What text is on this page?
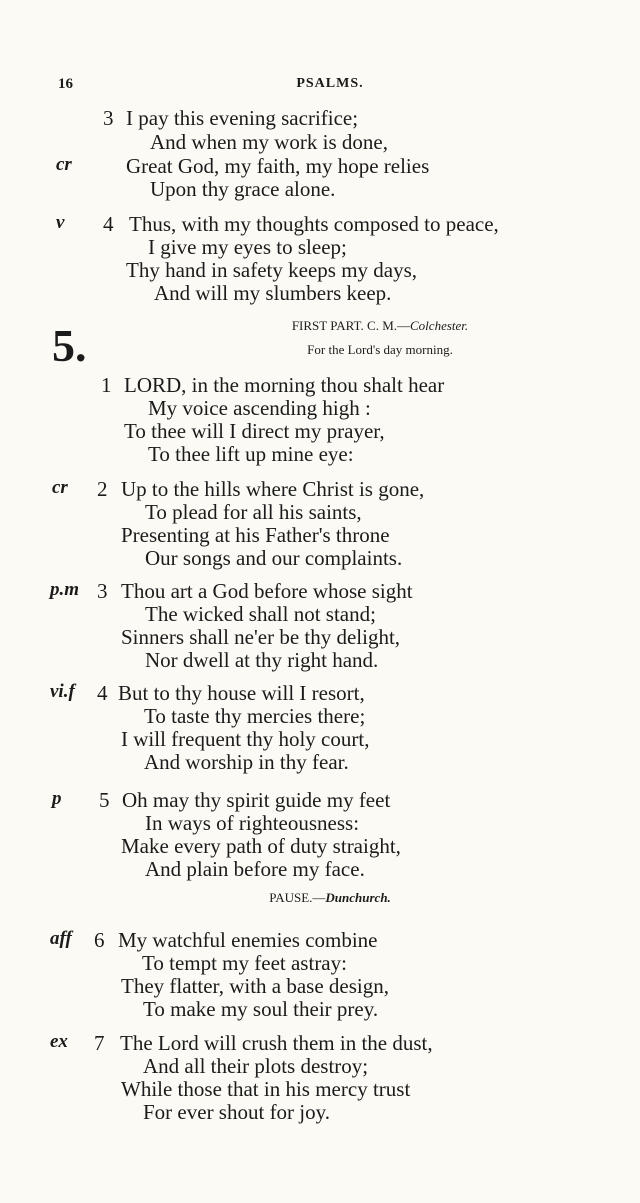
16	PSALMS.
3 I pay this evening sacrifice;
And when my work is done,
cr	Great God, my faith, my hope relies
Upon thy grace alone.
v 4 Thus, with my thoughts composed to peace,
I give my eyes to sleep;
Thy hand in safety keeps my days,
And will my slumbers keep.
5.	FIRST PART. C. M.—Colchester.
For the Lord's day morning.
1 LORD, in the morning thou shalt hear
My voice ascending high :
To thee will I direct my prayer,
To thee lift up mine eye:
cr 2 Up to the hills where Christ is gone,
To plead for all his saints,
Presenting at his Father's throne
Our songs and our complaints.
p.m 3 Thou art a God before whose sight
The wicked shall not stand;
Sinners shall ne'er be thy delight,
Nor dwell at thy right hand.
vi.f 4 But to thy house will I resort,
To taste thy mercies there;
I will frequent thy holy court,
And worship in thy fear.
p 5 Oh may thy spirit guide my feet
In ways of righteousness:
Make every path of duty straight,
And plain before my face.
PAUSE.—Dunchurch.
aff 6 My watchful enemies combine
To tempt my feet astray:
They flatter, with a base design,
To make my soul their prey.
ex 7 The Lord will crush them in the dust,
And all their plots destroy;
While those that in his mercy trust
For ever shout for joy.
